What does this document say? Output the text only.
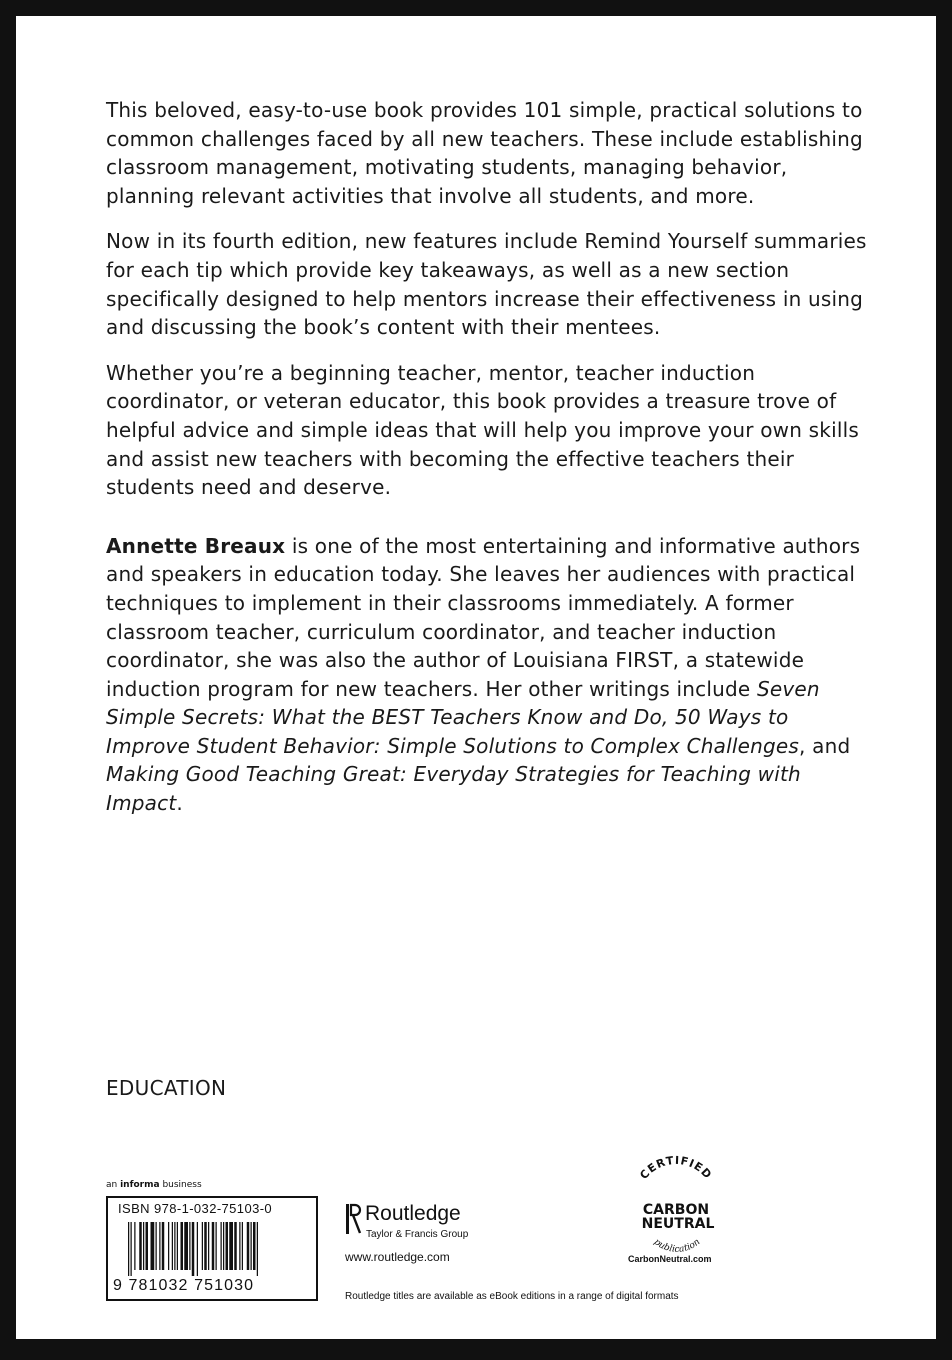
This beloved, easy-to-use book provides 101 simple, practical solutions to common challenges faced by all new teachers. These include establishing classroom management, motivating students, managing behavior, planning relevant activities that involve all students, and more.

Now in its fourth edition, new features include Remind Yourself summaries for each tip which provide key takeaways, as well as a new section specifically designed to help mentors increase their effectiveness in using and discussing the book’s content with their mentees.

Whether you’re a beginning teacher, mentor, teacher induction coordinator, or veteran educator, this book provides a treasure trove of helpful advice and simple ideas that will help you improve your own skills and assist new teachers with becoming the effective teachers their students need and deserve.

Annette Breaux is one of the most entertaining and informative authors and speakers in education today. She leaves her audiences with practical techniques to implement in their classrooms immediately. A former classroom teacher, curriculum coordinator, and teacher induction coordinator, she was also the author of Louisiana FIRST, a statewide induction program for new teachers. Her other writings include Seven Simple Secrets: What the BEST Teachers Know and Do, 50 Ways to Improve Student Behavior: Simple Solutions to Complex Challenges, and Making Good Teaching Great: Everyday Strategies for Teaching with Impact.

EDUCATION
an informa business
ISBN 978-1-032-75103-0
9 781032 751030
Routledge
Taylor & Francis Group
www.routledge.com
CERTIFIED
CARBON
NEUTRAL
publication
CarbonNeutral.com
Routledge titles are available as eBook editions in a range of digital formats
